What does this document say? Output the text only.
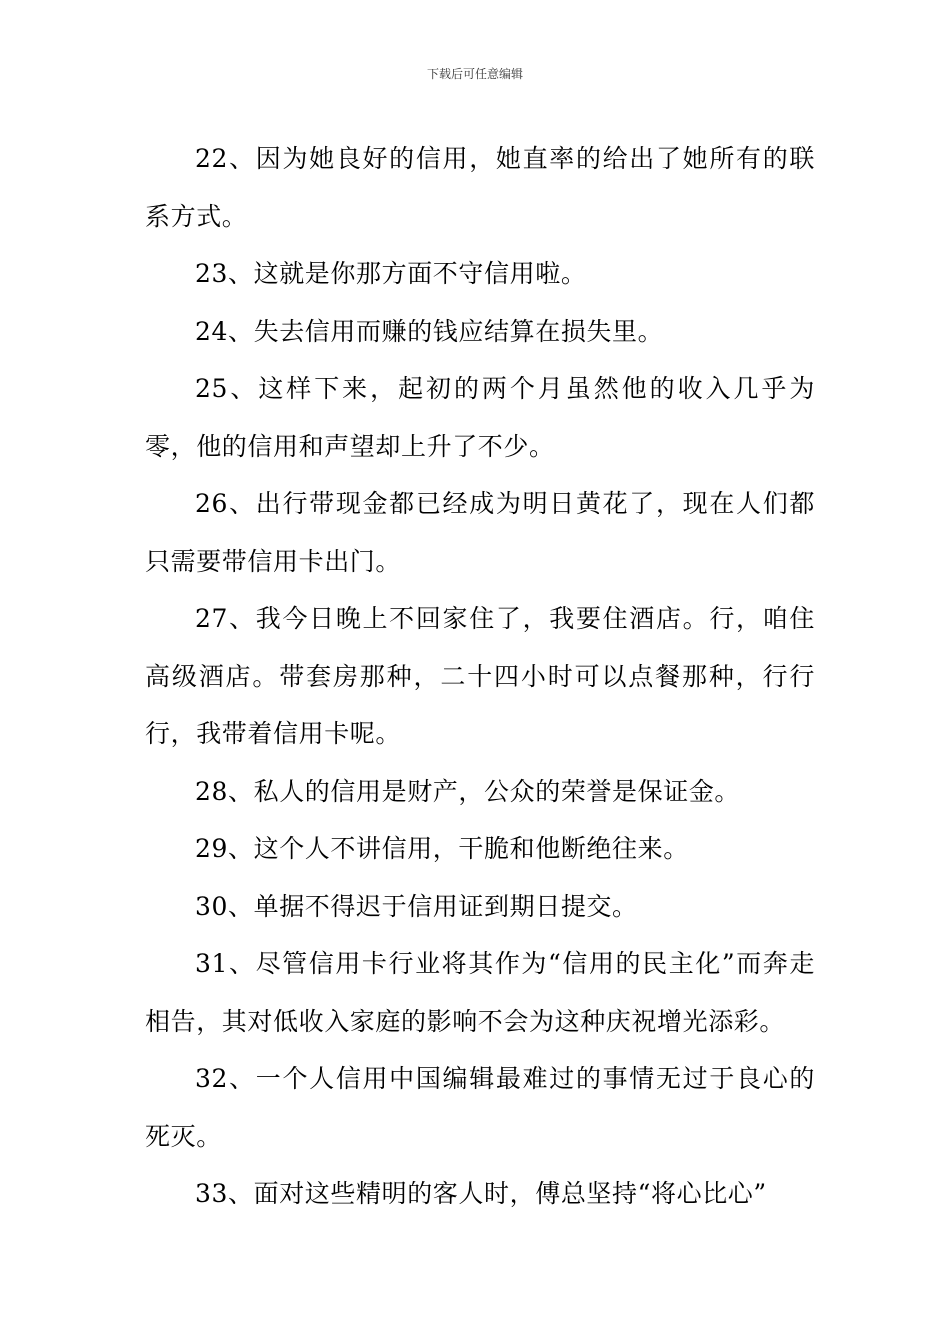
下载后可任意编辑

22、因为她良好的信用，她直率的给出了她所有的联系方式。

23、这就是你那方面不守信用啦。

24、失去信用而赚的钱应结算在损失里。

25、这样下来，起初的两个月虽然他的收入几乎为零，他的信用和声望却上升了不少。

26、出行带现金都已经成为明日黄花了，现在人们都只需要带信用卡出门。

27、我今日晚上不回家住了，我要住酒店。行，咱住高级酒店。带套房那种，二十四小时可以点餐那种，行行行，我带着信用卡呢。

28、私人的信用是财产，公众的荣誉是保证金。

29、这个人不讲信用，干脆和他断绝往来。

30、单据不得迟于信用证到期日提交。

31、尽管信用卡行业将其作为“信用的民主化”而奔走相告，其对低收入家庭的影响不会为这种庆祝增光添彩。

32、一个人信用中国编辑最难过的事情无过于良心的死灭。

33、面对这些精明的客人时，傅总坚持“将心比心”
